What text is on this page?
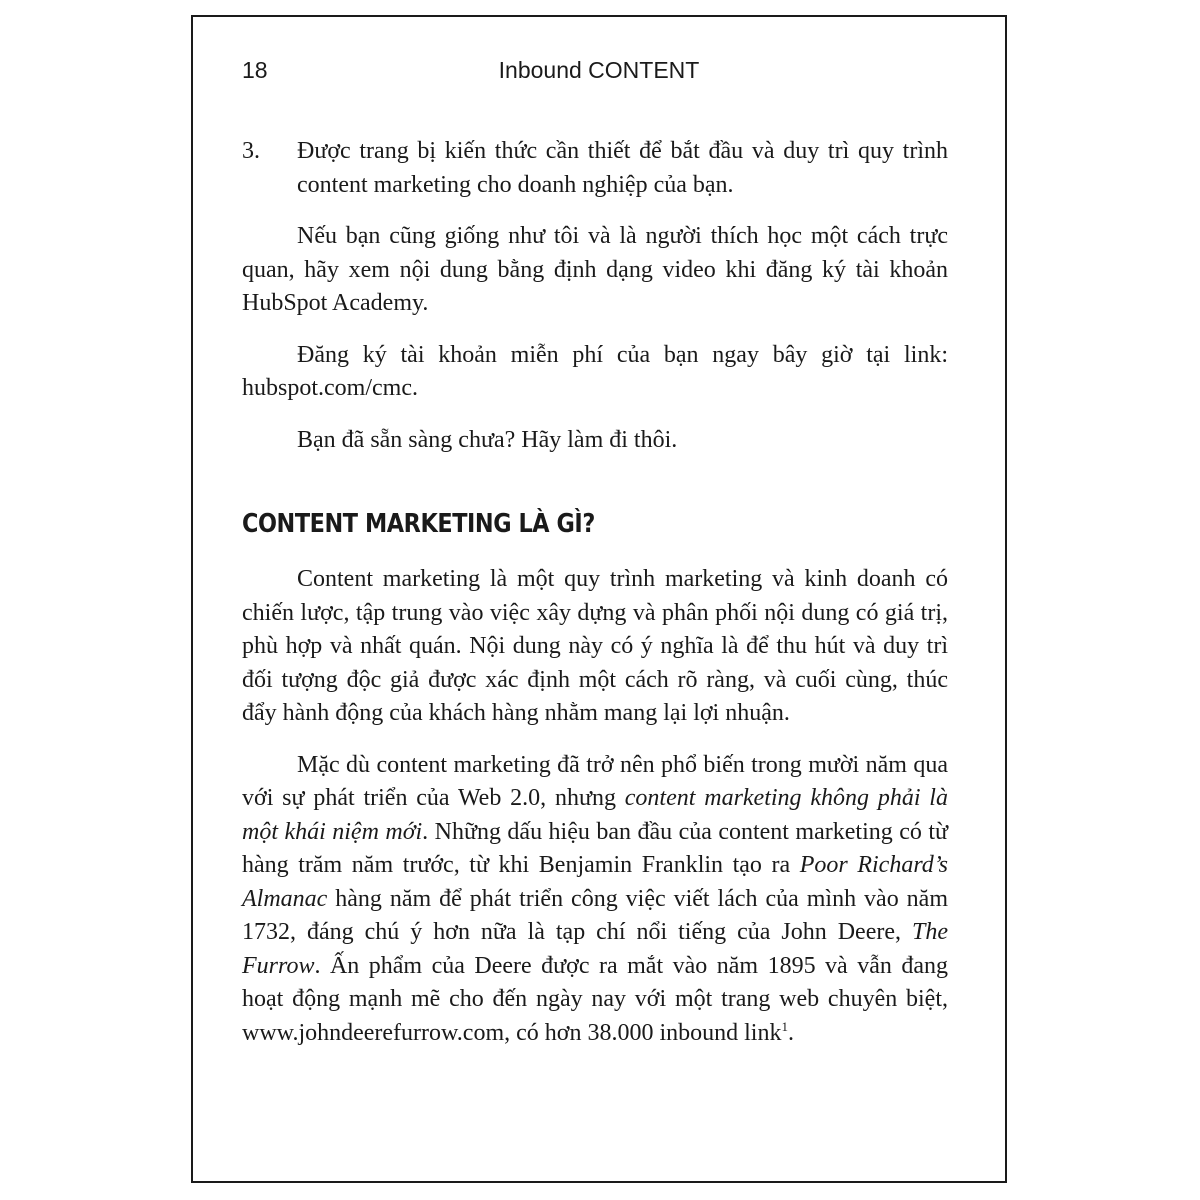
18	Inbound CONTENT
3.	Được trang bị kiến thức cần thiết để bắt đầu và duy trì quy trình content marketing cho doanh nghiệp của bạn.

Nếu bạn cũng giống như tôi và là người thích học một cách trực quan, hãy xem nội dung bằng định dạng video khi đăng ký tài khoản HubSpot Academy.

Đăng ký tài khoản miễn phí của bạn ngay bây giờ tại link: hubspot.com/cmc.

Bạn đã sẵn sàng chưa? Hãy làm đi thôi.

CONTENT MARKETING LÀ GÌ?

Content marketing là một quy trình marketing và kinh doanh có chiến lược, tập trung vào việc xây dựng và phân phối nội dung có giá trị, phù hợp và nhất quán. Nội dung này có ý nghĩa là để thu hút và duy trì đối tượng độc giả được xác định một cách rõ ràng, và cuối cùng, thúc đẩy hành động của khách hàng nhằm mang lại lợi nhuận.

Mặc dù content marketing đã trở nên phổ biến trong mười năm qua với sự phát triển của Web 2.0, nhưng content marketing không phải là một khái niệm mới. Những dấu hiệu ban đầu của content marketing có từ hàng trăm năm trước, từ khi Benjamin Franklin tạo ra Poor Richard’s Almanac hàng năm để phát triển công việc viết lách của mình vào năm 1732, đáng chú ý hơn nữa là tạp chí nổi tiếng của John Deere, The Furrow. Ấn phẩm của Deere được ra mắt vào năm 1895 và vẫn đang hoạt động mạnh mẽ cho đến ngày nay với một trang web chuyên biệt, www.johndeerefurrow.com, có hơn 38.000 inbound link$^1$.
